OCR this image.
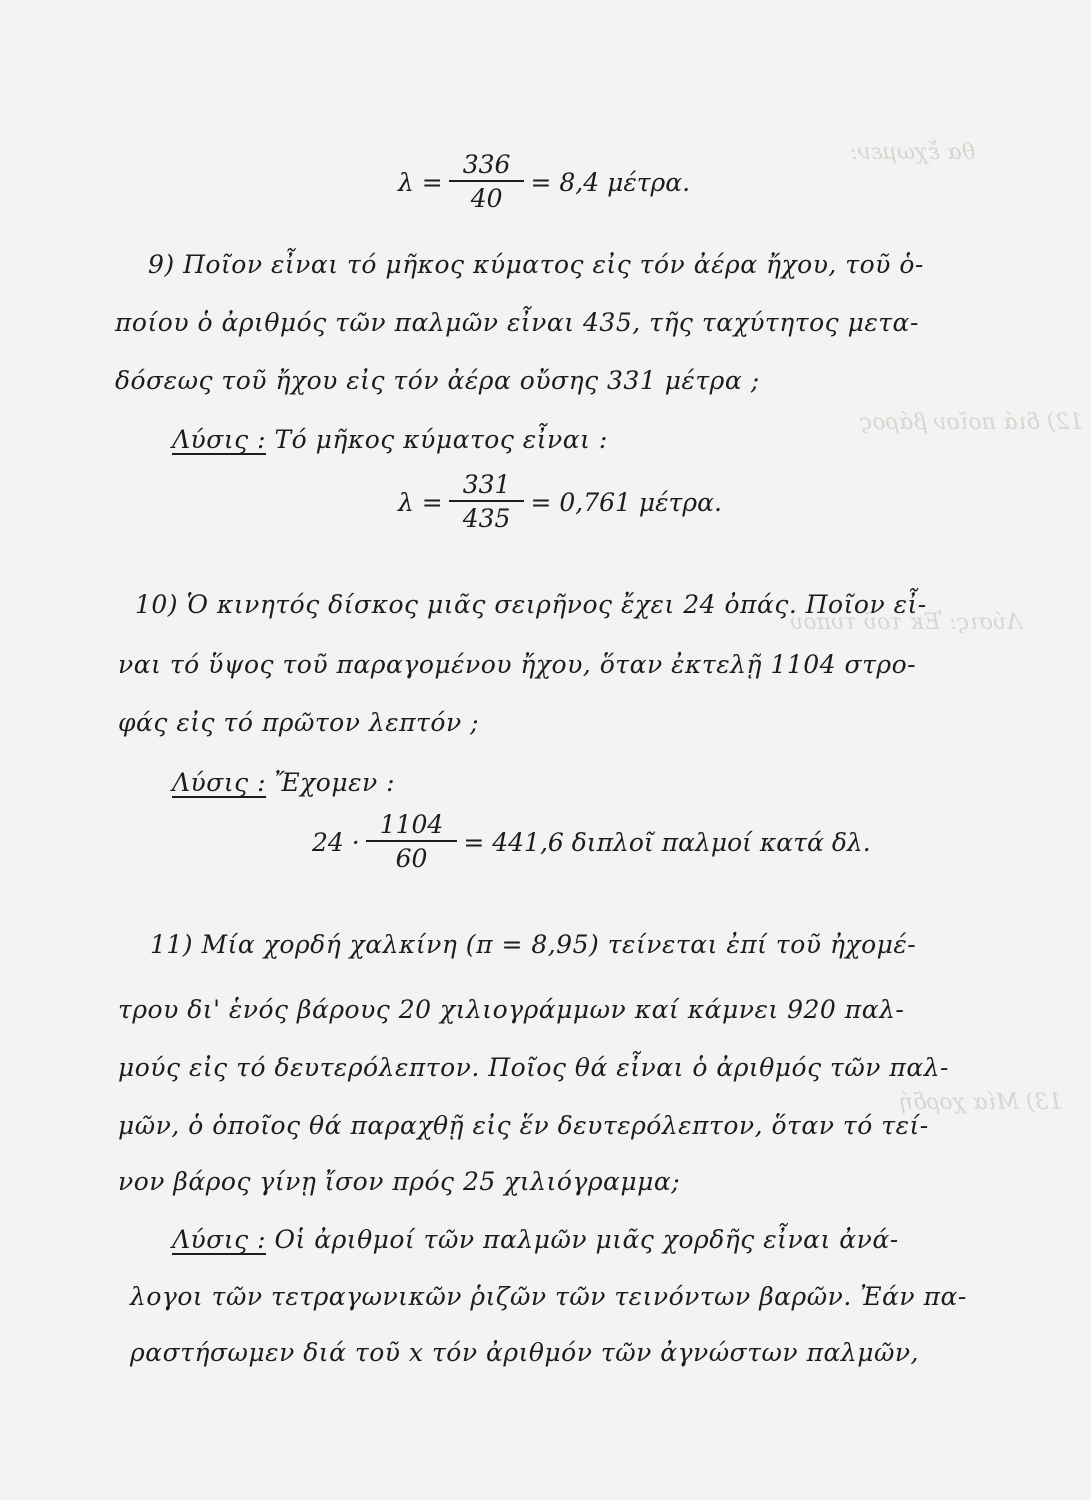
θα ἔχωμεν:
12) διά ποῖον βάρος
Λύσις: Ἐκ τοῦ τύπου
13) Μία χορδή
$\lambda = \frac{336}{40} = 8,4$ μέτρα.
9) Ποῖον εἶναι τό μῆκος κύματος εἰς τόν ἀέρα ἤχου, τοῦ ὁ-
ποίου ὁ ἀριθμός τῶν παλμῶν εἶναι 435, τῆς ταχύτητος μετα-
δόσεως τοῦ ἤχου εἰς τόν ἀέρα οὔσης 331 μέτρα ;
Λύσις : Τό μῆκος κύματος εἶναι :
$\lambda = \frac{331}{435} = 0,761$ μέτρα.
10) Ὁ κινητός δίσκος μιᾶς σειρῆνος ἔχει 24 ὀπάς. Ποῖον εἶ-
ναι τό ὕψος τοῦ παραγομένου ἤχου, ὅταν ἐκτελῇ 1104 στρο-
φάς εἰς τό πρῶτον λεπτόν ;
Λύσις : Ἔχομεν :
$24 \cdot \frac{1104}{60} = 441,6$ διπλοῖ παλμοί κατά δλ.
11) Μία χορδή χαλκίνη (π = 8,95) τείνεται ἐπί τοῦ ἠχομέ-
τρου δι' ἑνός βάρους 20 χιλιογράμμων καί κάμνει 920 παλ-
μούς εἰς τό δευτερόλεπτον. Ποῖος θά εἶναι ὁ ἀριθμός τῶν παλ-
μῶν, ὁ ὁποῖος θά παραχθῇ εἰς ἕν δευτερόλεπτον, ὅταν τό τεί-
νον βάρος γίνῃ ἴσον πρός 25 χιλιόγραμμα;
Λύσις : Οἱ ἀριθμοί τῶν παλμῶν μιᾶς χορδῆς εἶναι ἀνά-
λογοι τῶν τετραγωνικῶν ῥιζῶν τῶν τεινόντων βαρῶν. Ἐάν πα-
ραστήσωμεν διά τοῦ x τόν ἀριθμόν τῶν ἀγνώστων παλμῶν,
